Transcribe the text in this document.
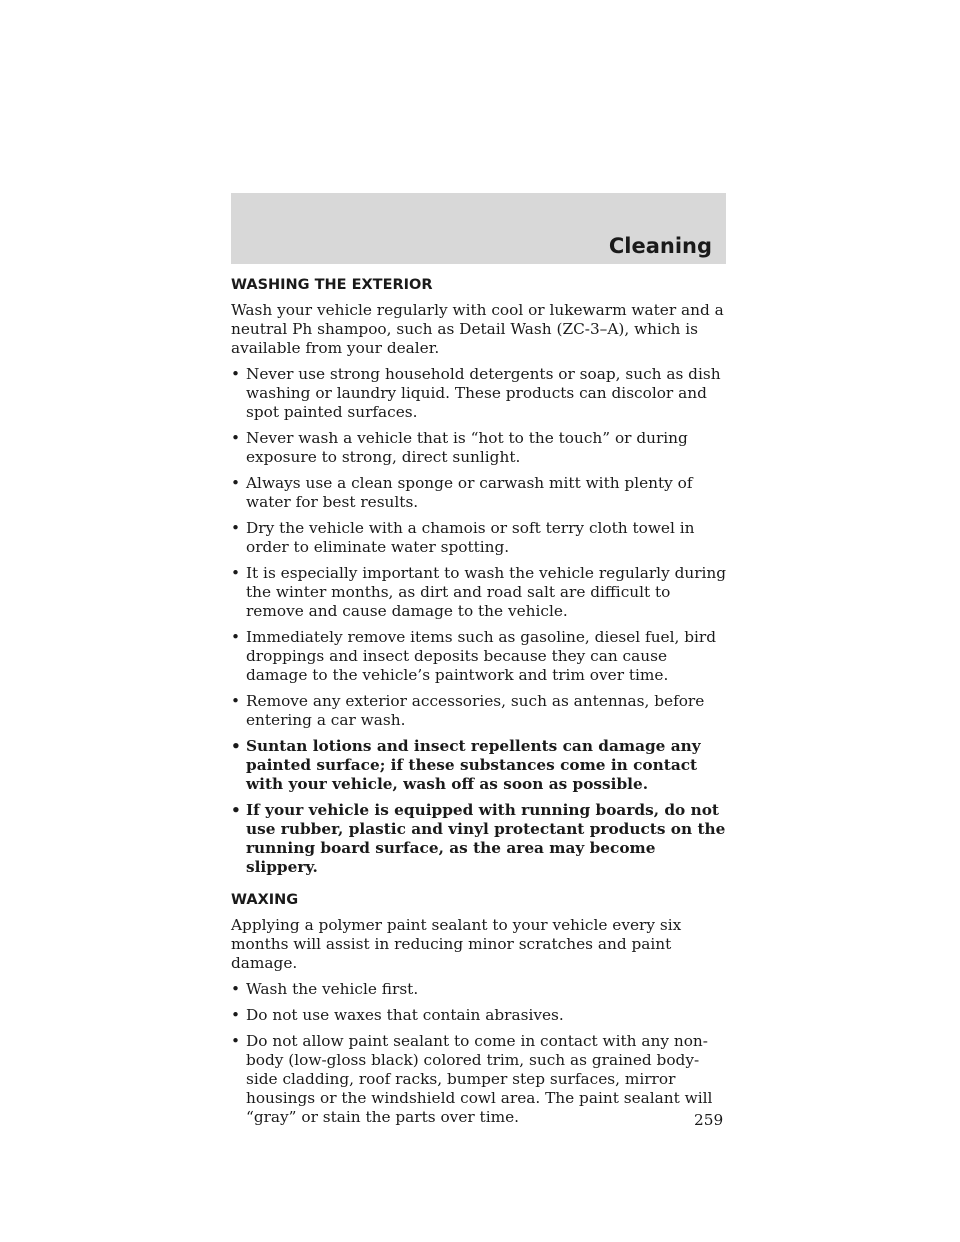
Cleaning
WASHING THE EXTERIOR

Wash your vehicle regularly with cool or lukewarm water and a neutral Ph shampoo, such as Detail Wash (ZC-3–A), which is available from your dealer.

• Never use strong household detergents or soap, such as dish washing or laundry liquid. These products can discolor and spot painted surfaces.
• Never wash a vehicle that is “hot to the touch” or during exposure to strong, direct sunlight.
• Always use a clean sponge or carwash mitt with plenty of water for best results.
• Dry the vehicle with a chamois or soft terry cloth towel in order to eliminate water spotting.
• It is especially important to wash the vehicle regularly during the winter months, as dirt and road salt are difficult to remove and cause damage to the vehicle.
• Immediately remove items such as gasoline, diesel fuel, bird droppings and insect deposits because they can cause damage to the vehicle’s paintwork and trim over time.
• Remove any exterior accessories, such as antennas, before entering a car wash.
• Suntan lotions and insect repellents can damage any painted surface; if these substances come in contact with your vehicle, wash off as soon as possible.
• If your vehicle is equipped with running boards, do not use rubber, plastic and vinyl protectant products on the running board surface, as the area may become slippery.
WAXING

Applying a polymer paint sealant to your vehicle every six months will assist in reducing minor scratches and paint damage.

• Wash the vehicle first.
• Do not use waxes that contain abrasives.
• Do not allow paint sealant to come in contact with any non-body (low-gloss black) colored trim, such as grained body-side cladding, roof racks, bumper step surfaces, mirror housings or the windshield cowl area. The paint sealant will “gray” or stain the parts over time.	259
